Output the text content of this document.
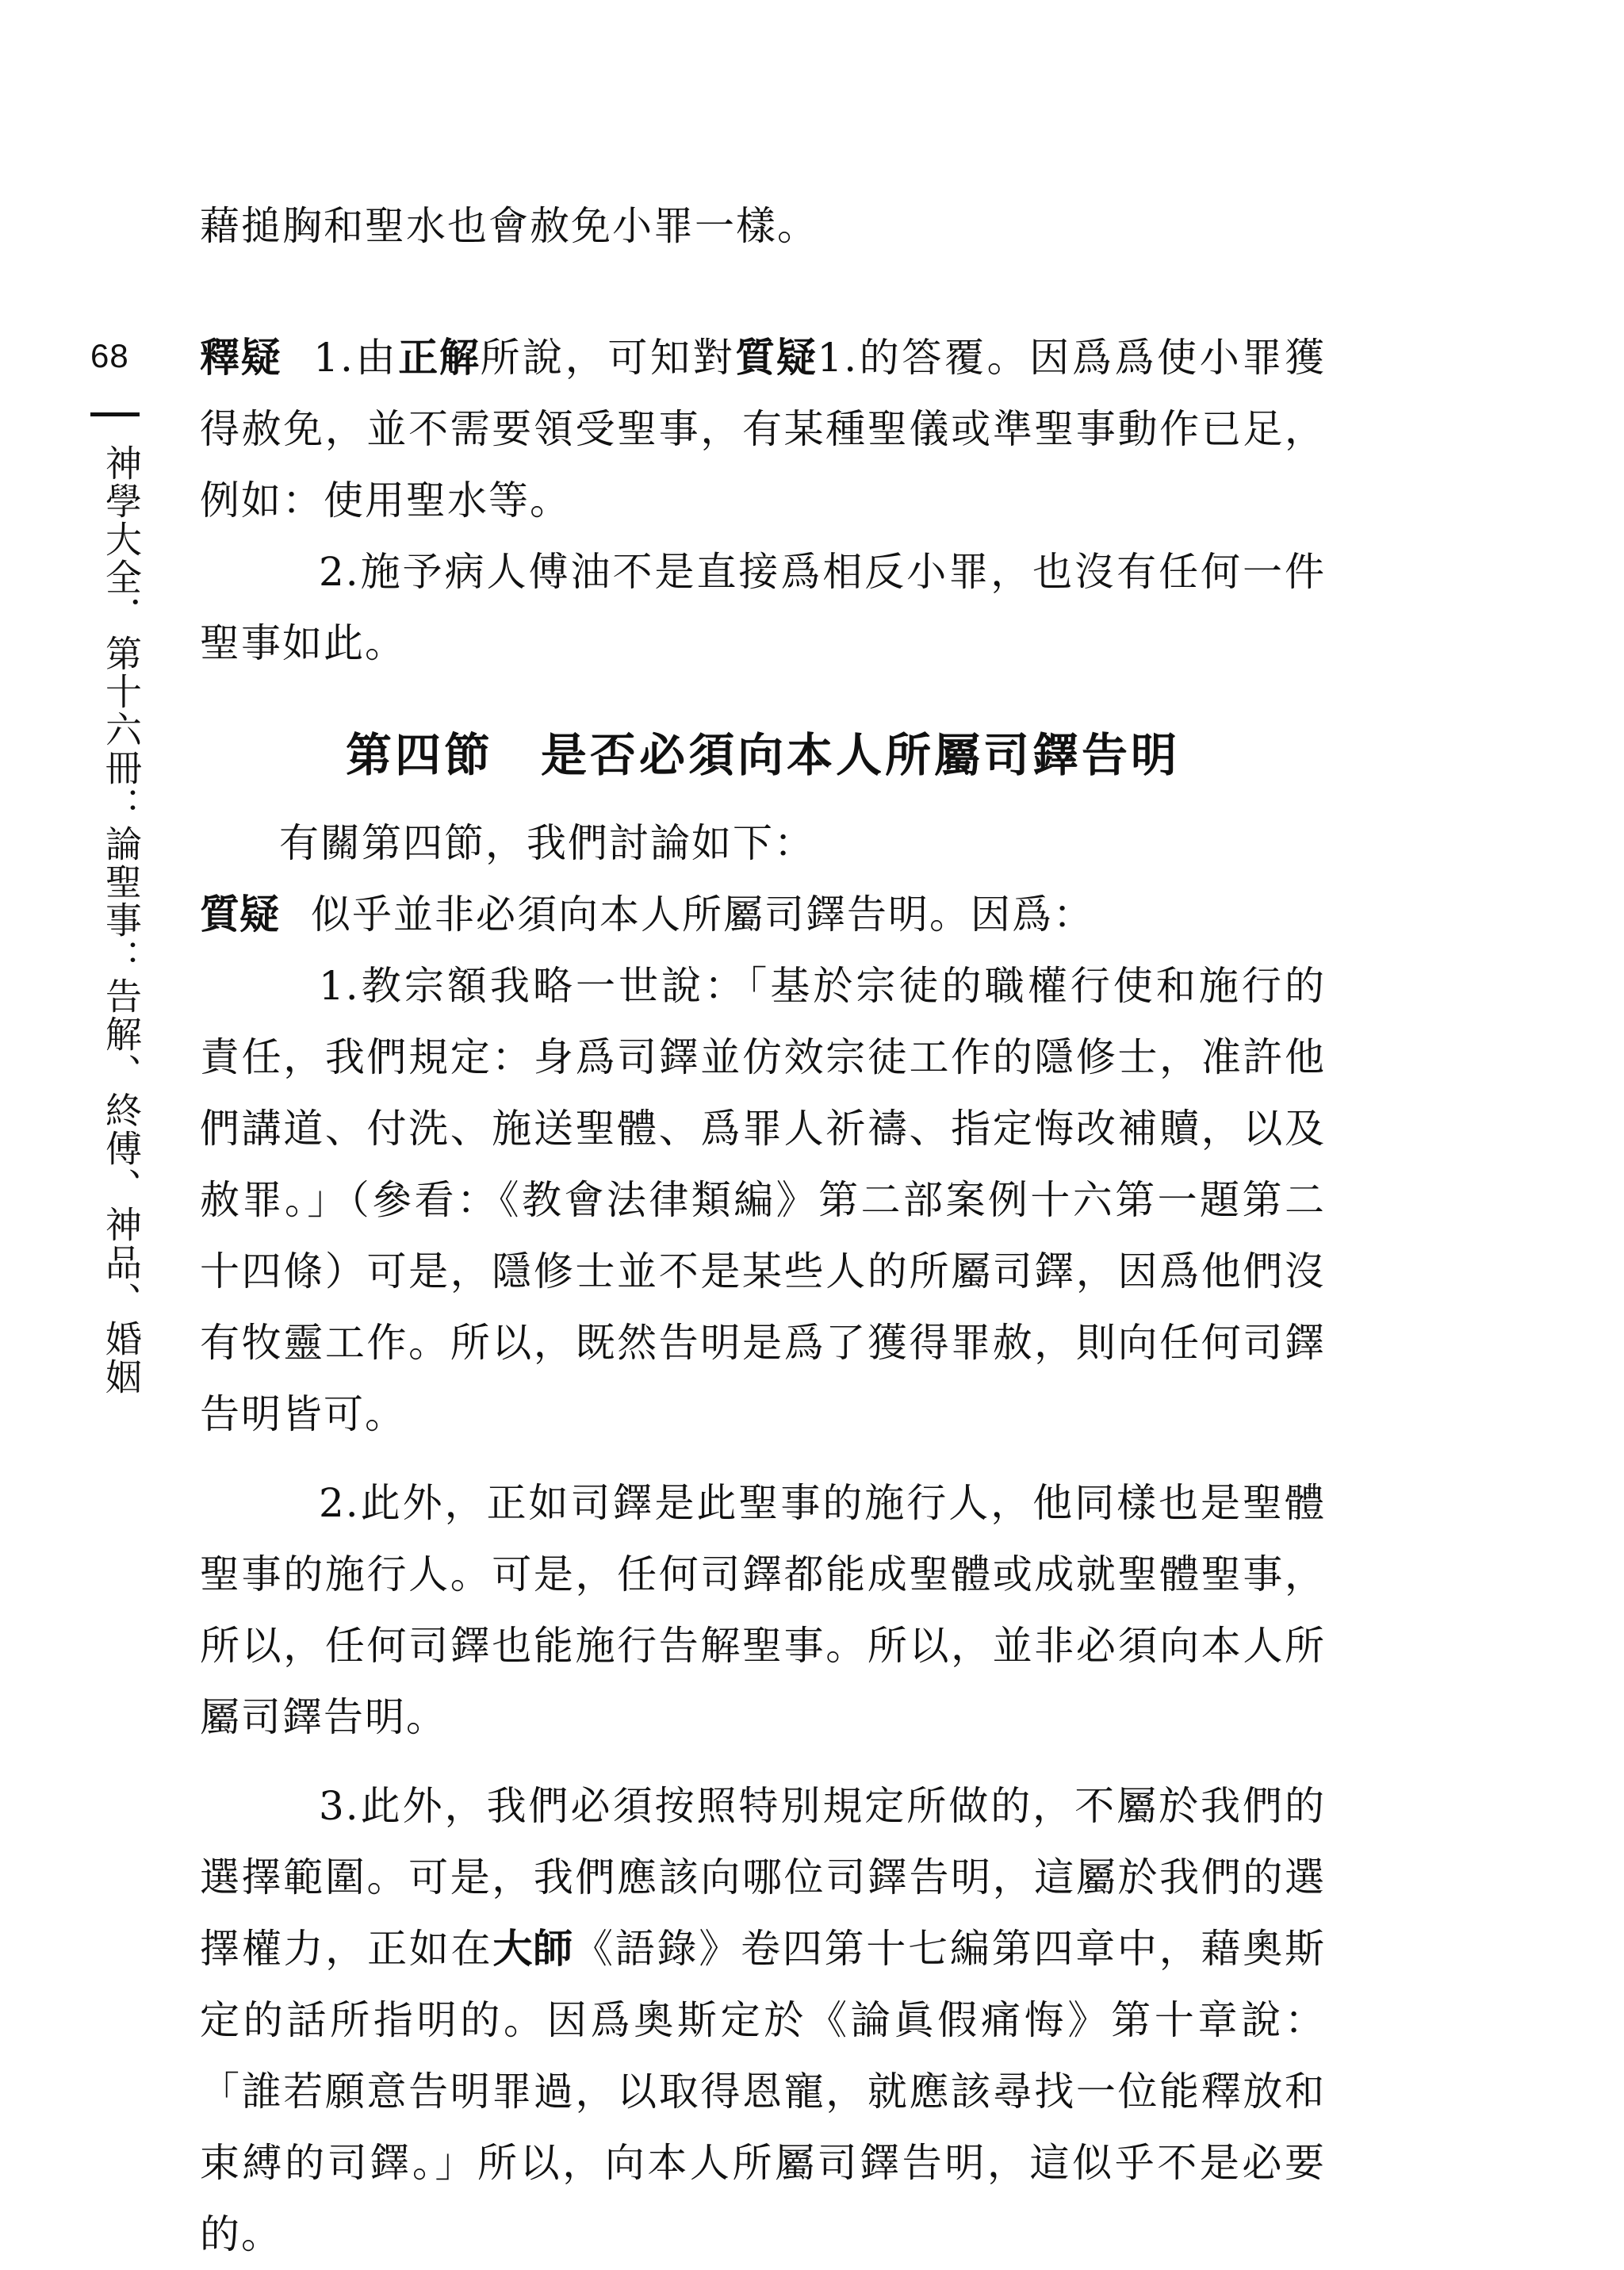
68
神學大全．第十六冊：論聖事：告解、終傅、神品、婚姻

藉搥胸和聖水也會赦免小罪一樣。

釋疑 1.由正解所說，可知對質疑1.的答覆。因爲爲使小罪獲得赦免，並不需要領受聖事，有某種聖儀或準聖事動作已足，例如：使用聖水等。

2.施予病人傅油不是直接爲相反小罪，也沒有任何一件聖事如此。

第四節 是否必須向本人所屬司鐸告明

有關第四節，我們討論如下：

質疑 似乎並非必須向本人所屬司鐸告明。因爲：

1.教宗額我略一世說：「基於宗徒的職權行使和施行的責任，我們規定：身爲司鐸並仿效宗徒工作的隱修士，准許他們講道、付洗、施送聖體、爲罪人祈禱、指定悔改補贖，以及赦罪。」（參看：《教會法律類編》第二部案例十六第一題第二十四條）可是，隱修士並不是某些人的所屬司鐸，因爲他們沒有牧靈工作。所以，既然告明是爲了獲得罪赦，則向任何司鐸告明皆可。

2.此外，正如司鐸是此聖事的施行人，他同樣也是聖體聖事的施行人。可是，任何司鐸都能成聖體或成就聖體聖事，所以，任何司鐸也能施行告解聖事。所以，並非必須向本人所屬司鐸告明。

3.此外，我們必須按照特別規定所做的，不屬於我們的選擇範圍。可是，我們應該向哪位司鐸告明，這屬於我們的選擇權力，正如在大師《語錄》卷四第十七編第四章中，藉奧斯定的話所指明的。因爲奧斯定於《論眞假痛悔》第十章說：「誰若願意告明罪過，以取得恩寵，就應該尋找一位能釋放和束縛的司鐸。」所以，向本人所屬司鐸告明，這似乎不是必要的。
